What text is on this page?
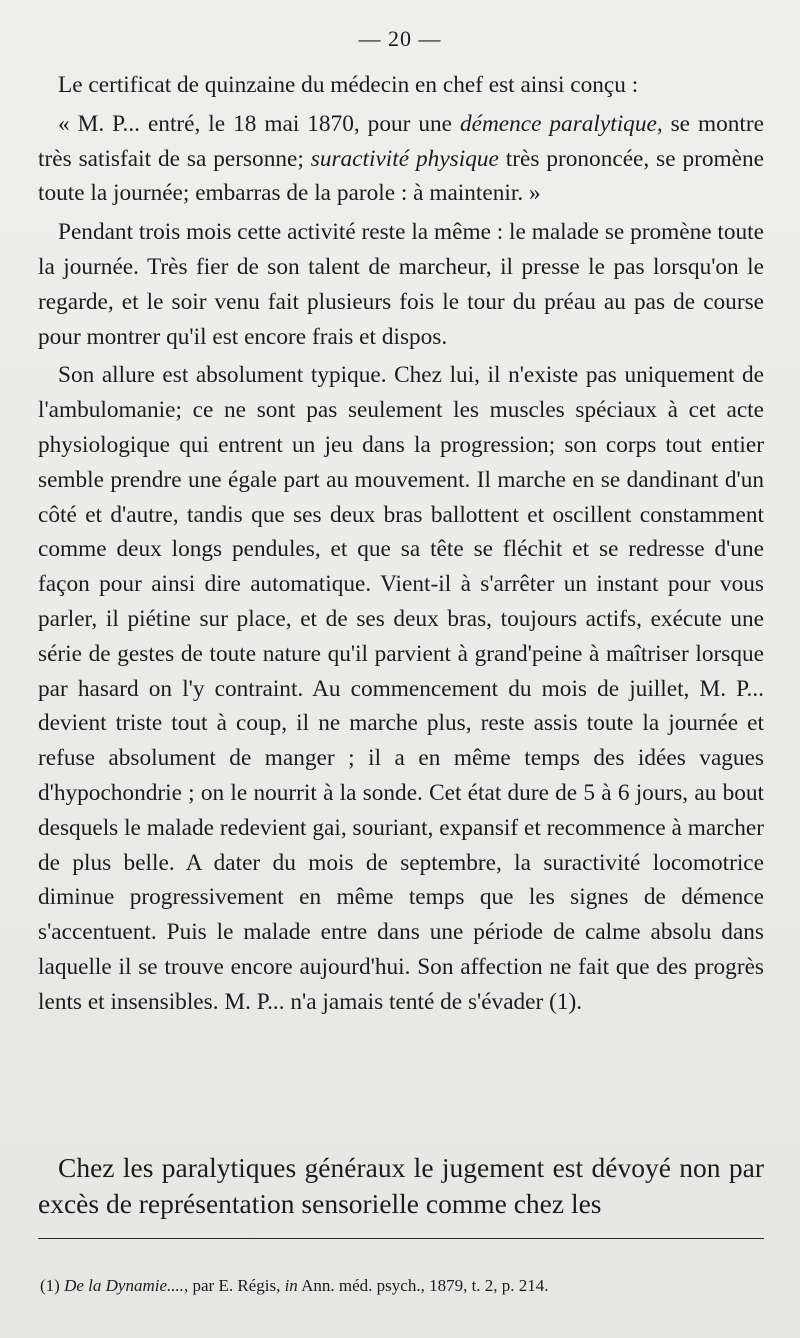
— 20 —

Le certificat de quinzaine du médecin en chef est ainsi conçu :

« M. P... entré, le 18 mai 1870, pour une démence paralytique, se montre très satisfait de sa personne; suractivité physique très prononcée, se promène toute la journée; embarras de la parole : à maintenir. »

Pendant trois mois cette activité reste la même : le malade se promène toute la journée. Très fier de son talent de marcheur, il presse le pas lorsqu'on le regarde, et le soir venu fait plusieurs fois le tour du préau au pas de course pour montrer qu'il est encore frais et dispos.

Son allure est absolument typique. Chez lui, il n'existe pas uniquement de l'ambulomanie; ce ne sont pas seulement les muscles spéciaux à cet acte physiologique qui entrent un jeu dans la progression; son corps tout entier semble prendre une égale part au mouvement. Il marche en se dandinant d'un côté et d'autre, tandis que ses deux bras ballottent et oscillent constamment comme deux longs pendules, et que sa tête se fléchit et se redresse d'une façon pour ainsi dire automatique. Vient-il à s'arrêter un instant pour vous parler, il piétine sur place, et de ses deux bras, toujours actifs, exécute une série de gestes de toute nature qu'il parvient à grand'peine à maîtriser lorsque par hasard on l'y contraint. Au commencement du mois de juillet, M. P... devient triste tout à coup, il ne marche plus, reste assis toute la journée et refuse absolument de manger ; il a en même temps des idées vagues d'hypochondrie ; on le nourrit à la sonde. Cet état dure de 5 à 6 jours, au bout desquels le malade redevient gai, souriant, expansif et recommence à marcher de plus belle. A dater du mois de septembre, la suractivité locomotrice diminue progressivement en même temps que les signes de démence s'accentuent. Puis le malade entre dans une période de calme absolu dans laquelle il se trouve encore aujourd'hui. Son affection ne fait que des progrès lents et insensibles. M. P... n'a jamais tenté de s'évader (1).

Chez les paralytiques généraux le jugement est dévoyé non par excès de représentation sensorielle comme chez les

(1) De la Dynamie...., par E. Régis, in Ann. méd. psych., 1879, t. 2, p. 214.
